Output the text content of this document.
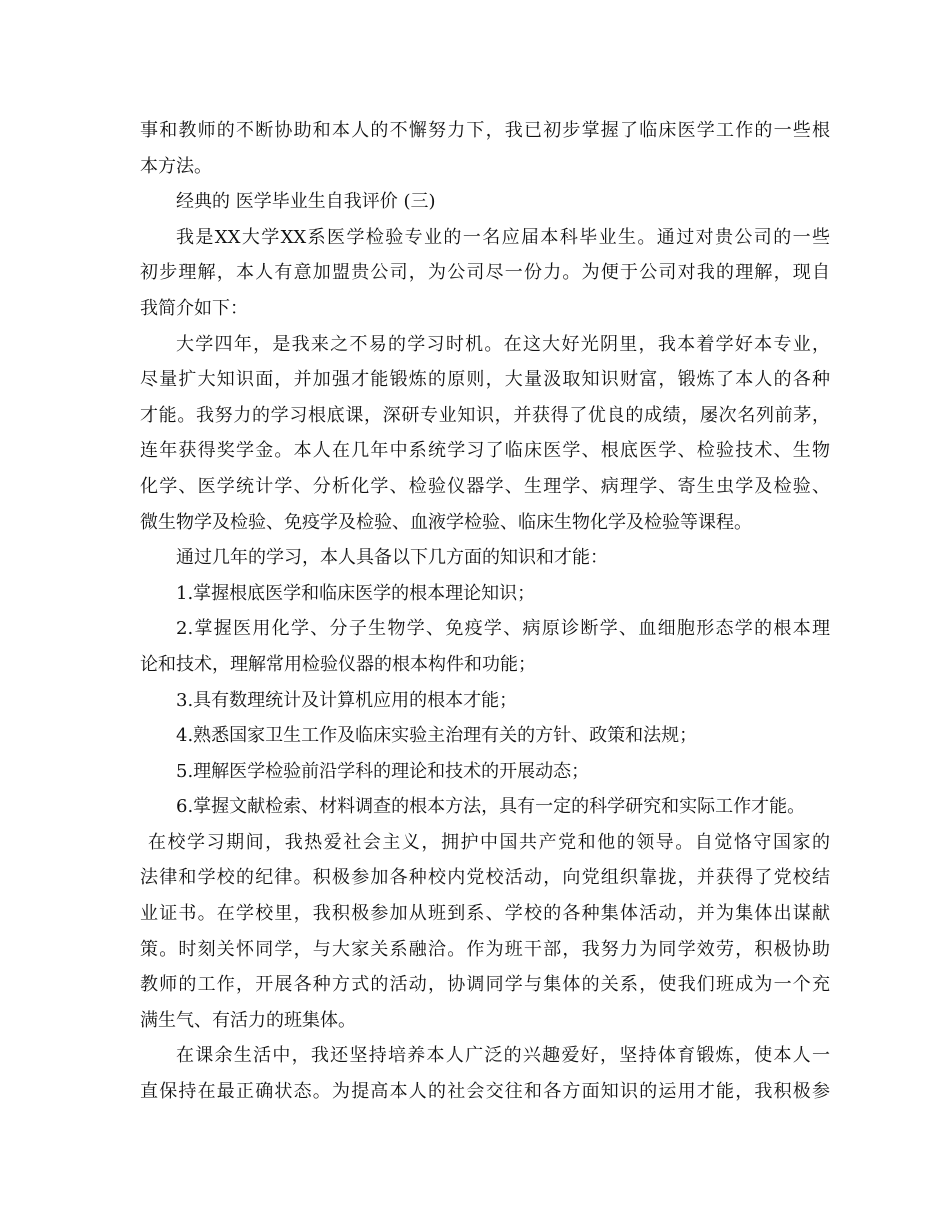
事和教师的不断协助和本人的不懈努力下，我已初步掌握了临床医学工作的一些根
本方法。
经典的 医学毕业生自我评价 (三)
我是XX大学XX系医学检验专业的一名应届本科毕业生。通过对贵公司的一些
初步理解，本人有意加盟贵公司，为公司尽一份力。为便于公司对我的理解，现自
我简介如下：
大学四年，是我来之不易的学习时机。在这大好光阴里，我本着学好本专业，
尽量扩大知识面，并加强才能锻炼的原则，大量汲取知识财富，锻炼了本人的各种
才能。我努力的学习根底课，深研专业知识，并获得了优良的成绩，屡次名列前茅，
连年获得奖学金。本人在几年中系统学习了临床医学、根底医学、检验技术、生物
化学、医学统计学、分析化学、检验仪器学、生理学、病理学、寄生虫学及检验、
微生物学及检验、免疫学及检验、血液学检验、临床生物化学及检验等课程。
通过几年的学习，本人具备以下几方面的知识和才能：
1.掌握根底医学和临床医学的根本理论知识；
2.掌握医用化学、分子生物学、免疫学、病原诊断学、血细胞形态学的根本理
论和技术，理解常用检验仪器的根本构件和功能；
3.具有数理统计及计算机应用的根本才能；
4.熟悉国家卫生工作及临床实验主治理有关的方针、政策和法规；
5.理解医学检验前沿学科的理论和技术的开展动态；
6.掌握文献检索、材料调查的根本方法，具有一定的科学研究和实际工作才能。
在校学习期间，我热爱社会主义，拥护中国共产党和他的领导。自觉恪守国家的
法律和学校的纪律。积极参加各种校内党校活动，向党组织靠拢，并获得了党校结
业证书。在学校里，我积极参加从班到系、学校的各种集体活动，并为集体出谋献
策。时刻关怀同学，与大家关系融洽。作为班干部，我努力为同学效劳，积极协助
教师的工作，开展各种方式的活动，协调同学与集体的关系，使我们班成为一个充
满生气、有活力的班集体。
在课余生活中，我还坚持培养本人广泛的兴趣爱好，坚持体育锻炼，使本人一
直保持在最正确状态。为提高本人的社会交往和各方面知识的运用才能，我积极参
